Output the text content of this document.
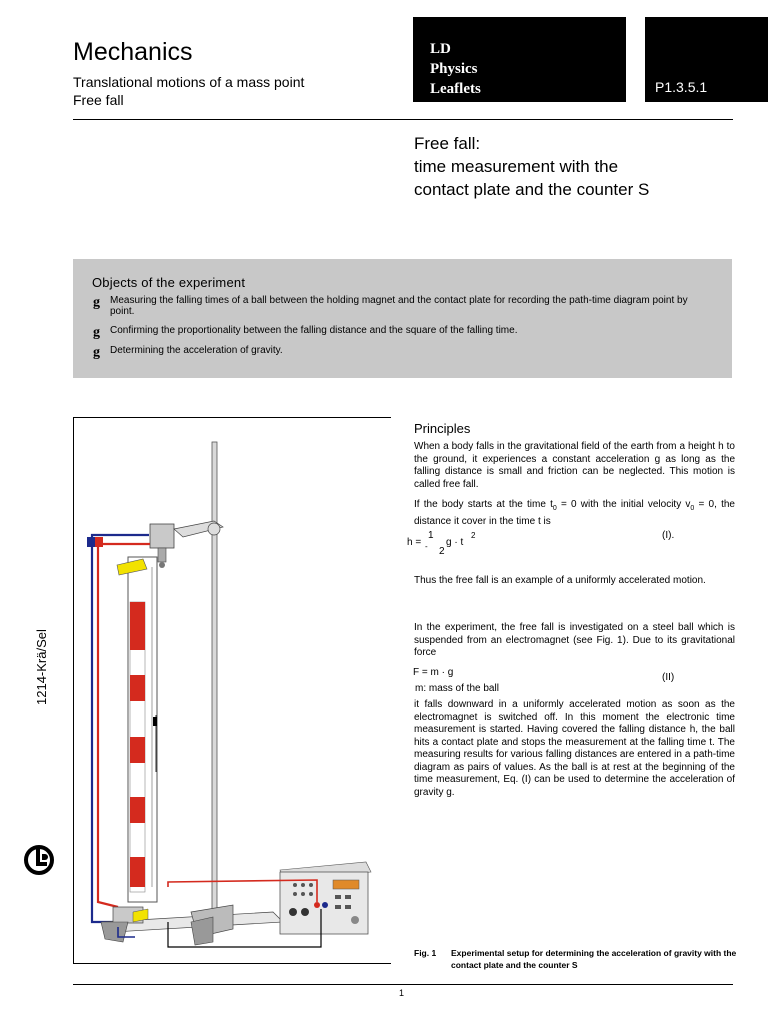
Mechanics
Translational motions of a mass point
Free fall
LD
Physics
Leaflets	P1.3.5.1
Free fall:
time measurement with the
contact plate and the counter S
Objects of the experiment
g Measuring the falling times of a ball between the holding magnet and the contact plate for recording the path-time diagram point by point.
g Confirming the proportionality between the falling distance and the square of the falling time.
g Determining the acceleration of gravity.
1214-Krä/Sel
Principles
When a body falls in the gravitational field of the earth from a height h to the ground, it experiences a constant acceleration g as long as the falling distance is small and friction can be neglected. This motion is called free fall.
If the body starts at the time $t_0 = 0$ with the initial velocity $v_0 = 0$, the distance it cover in the time t is
h =
1
- 2
g · t
2	(I).
Thus the free fall is an example of a uniformly accelerated motion.
In the experiment, the free fall is investigated on a steel ball which is suspended from an electromagnet (see Fig. 1). Due to its gravitational force
F = m · g	(II)
m: mass of the ball
it falls downward in a uniformly accelerated motion as soon as the electromagnet is switched off. In this moment the electronic time measurement is started. Having covered the falling distance h, the ball hits a contact plate and stops the measurement at the falling time t. The measuring results for various falling distances are entered in a path-time diagram as pairs of values. As the ball is at rest at the beginning of the time measurement, Eq. (I) can be used to determine the acceleration of gravity g.
Fig. 1 Experimental setup for determining the acceleration of gravity with the contact plate and the counter S
1
